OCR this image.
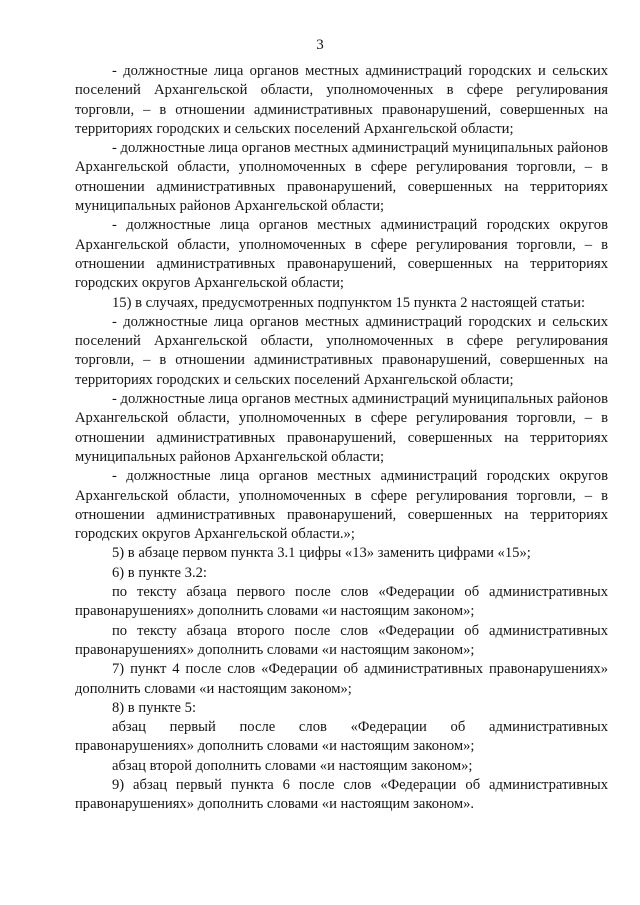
3

- должностные лица органов местных администраций городских и сельских поселений Архангельской области, уполномоченных в сфере регулирования торговли, – в отношении административных правонарушений, совершенных на территориях городских и сельских поселений Архангельской области;

- должностные лица органов местных администраций муниципальных районов Архангельской области, уполномоченных в сфере регулирования торговли, – в отношении административных правонарушений, совершенных на территориях муниципальных районов Архангельской области;

- должностные лица органов местных администраций городских округов Архангельской области, уполномоченных в сфере регулирования торговли, – в отношении административных правонарушений, совершенных на территориях городских округов Архангельской области;

15) в случаях, предусмотренных подпунктом 15 пункта 2 настоящей статьи:

- должностные лица органов местных администраций городских и сельских поселений Архангельской области, уполномоченных в сфере регулирования торговли, – в отношении административных правонарушений, совершенных на территориях городских и сельских поселений Архангельской области;

- должностные лица органов местных администраций муниципальных районов Архангельской области, уполномоченных в сфере регулирования торговли, – в отношении административных правонарушений, совершенных на территориях муниципальных районов Архангельской области;

- должностные лица органов местных администраций городских округов Архангельской области, уполномоченных в сфере регулирования торговли, – в отношении административных правонарушений, совершенных на территориях городских округов Архангельской области.»;

5) в абзаце первом пункта 3.1 цифры «13» заменить цифрами «15»;

6) в пункте 3.2:

по тексту абзаца первого после слов «Федерации об административных правонарушениях» дополнить словами «и настоящим законом»;

по тексту абзаца второго после слов «Федерации об административных правонарушениях» дополнить словами «и настоящим законом»;

7) пункт 4 после слов «Федерации об административных правонарушениях» дополнить словами «и настоящим законом»;

8) в пункте 5:

абзац первый после слов «Федерации об административных правонарушениях» дополнить словами «и настоящим законом»;

абзац второй дополнить словами «и настоящим законом»;

9) абзац первый пункта 6 после слов «Федерации об административных правонарушениях» дополнить словами «и настоящим законом».
